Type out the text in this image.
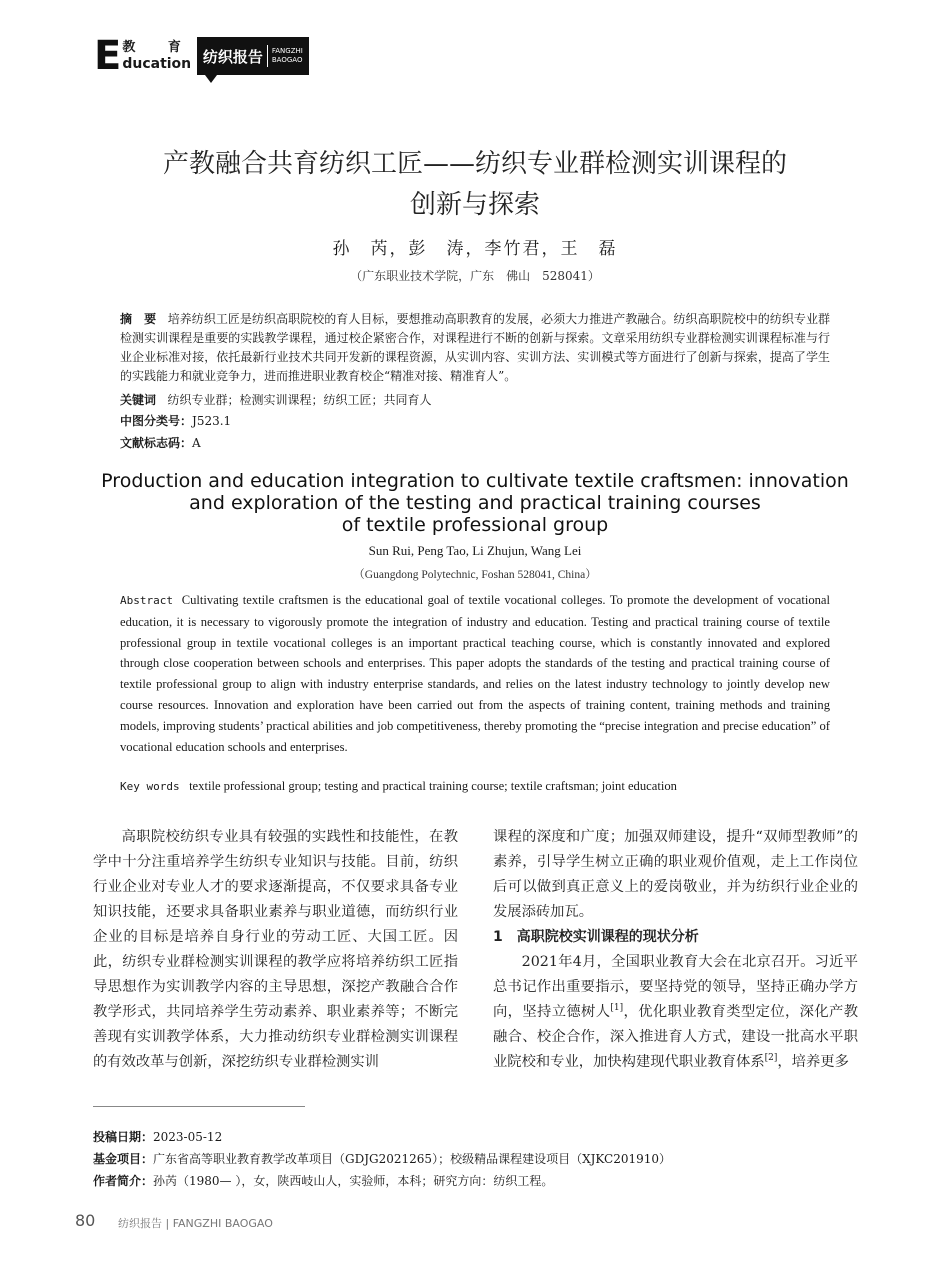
E 教 育
ducation 纺织报告 FANGZHI
BAOGAO
产教融合共育纺织工匠——纺织专业群检测实训课程的
创新与探索
孙　芮，彭　涛，李竹君，王　磊
（广东职业技术学院，广东　佛山　528041）
摘　要 培养纺织工匠是纺织高职院校的育人目标，要想推动高职教育的发展，必须大力推进产教融合。纺织高职院校中的纺织专业群检测实训课程是重要的实践教学课程，通过校企紧密合作，对课程进行不断的创新与探索。文章采用纺织专业群检测实训课程标准与行业企业标准对接，依托最新行业技术共同开发新的课程资源，从实训内容、实训方法、实训模式等方面进行了创新与探索，提高了学生的实践能力和就业竞争力，进而推进职业教育校企“精准对接、精准育人”。
关键词 纺织专业群；检测实训课程；纺织工匠；共同育人
中图分类号：J523.1
文献标志码：A
Production and education integration to cultivate textile craftsmen: innovation
and exploration of the testing and practical training courses
of textile professional group
Sun Rui, Peng Tao, Li Zhujun, Wang Lei
（Guangdong Polytechnic, Foshan 528041, China）
Abstract Cultivating textile craftsmen is the educational goal of textile vocational colleges. To promote the development of vocational education, it is necessary to vigorously promote the integration of industry and education. Testing and practical training course of textile professional group in textile vocational colleges is an important practical teaching course, which is constantly innovated and explored through close cooperation between schools and enterprises. This paper adopts the standards of the testing and practical training course of textile professional group to align with industry enterprise standards, and relies on the latest industry technology to jointly develop new course resources. Innovation and exploration have been carried out from the aspects of training content, training methods and training models, improving students’ practical abilities and job competitiveness, thereby promoting the “precise integration and precise education” of vocational education schools and enterprises.
Key words textile professional group; testing and practical training course; textile craftsman; joint education

高职院校纺织专业具有较强的实践性和技能性，在教学中十分注重培养学生纺织专业知识与技能。目前，纺织行业企业对专业人才的要求逐渐提高，不仅要求具备专业知识技能，还要求具备职业素养与职业道德，而纺织行业企业的目标是培养自身行业的劳动工匠、大国工匠。因此，纺织专业群检测实训课程的教学应将培养纺织工匠指导思想作为实训教学内容的主导思想，深挖产教融合合作教学形式，共同培养学生劳动素养、职业素养等；不断完善现有实训教学体系，大力推动纺织专业群检测实训课程的有效改革与创新，深挖纺织专业群检测实训

课程的深度和广度；加强双师建设，提升“双师型教师”的素养，引导学生树立正确的职业观价值观，走上工作岗位后可以做到真正意义上的爱岗敬业，并为纺织行业企业的发展添砖加瓦。

1　高职院校实训课程的现状分析

2021年4月，全国职业教育大会在北京召开。习近平总书记作出重要指示，要坚持党的领导，坚持正确办学方向，坚持立德树人[1]，优化职业教育类型定位，深化产教融合、校企合作，深入推进育人方式，建设一批高水平职业院校和专业，加快构建现代职业教育体系[2]，培养更多

投稿日期：2023-05-12
基金项目：广东省高等职业教育教学改革项目（GDJG2021265）；校级精品课程建设项目（XJKC201910）
作者简介：孙芮（1980— ），女，陕西岐山人，实验师，本科；研究方向：纺织工程。
80 纺织报告 | FANGZHI BAOGAO
